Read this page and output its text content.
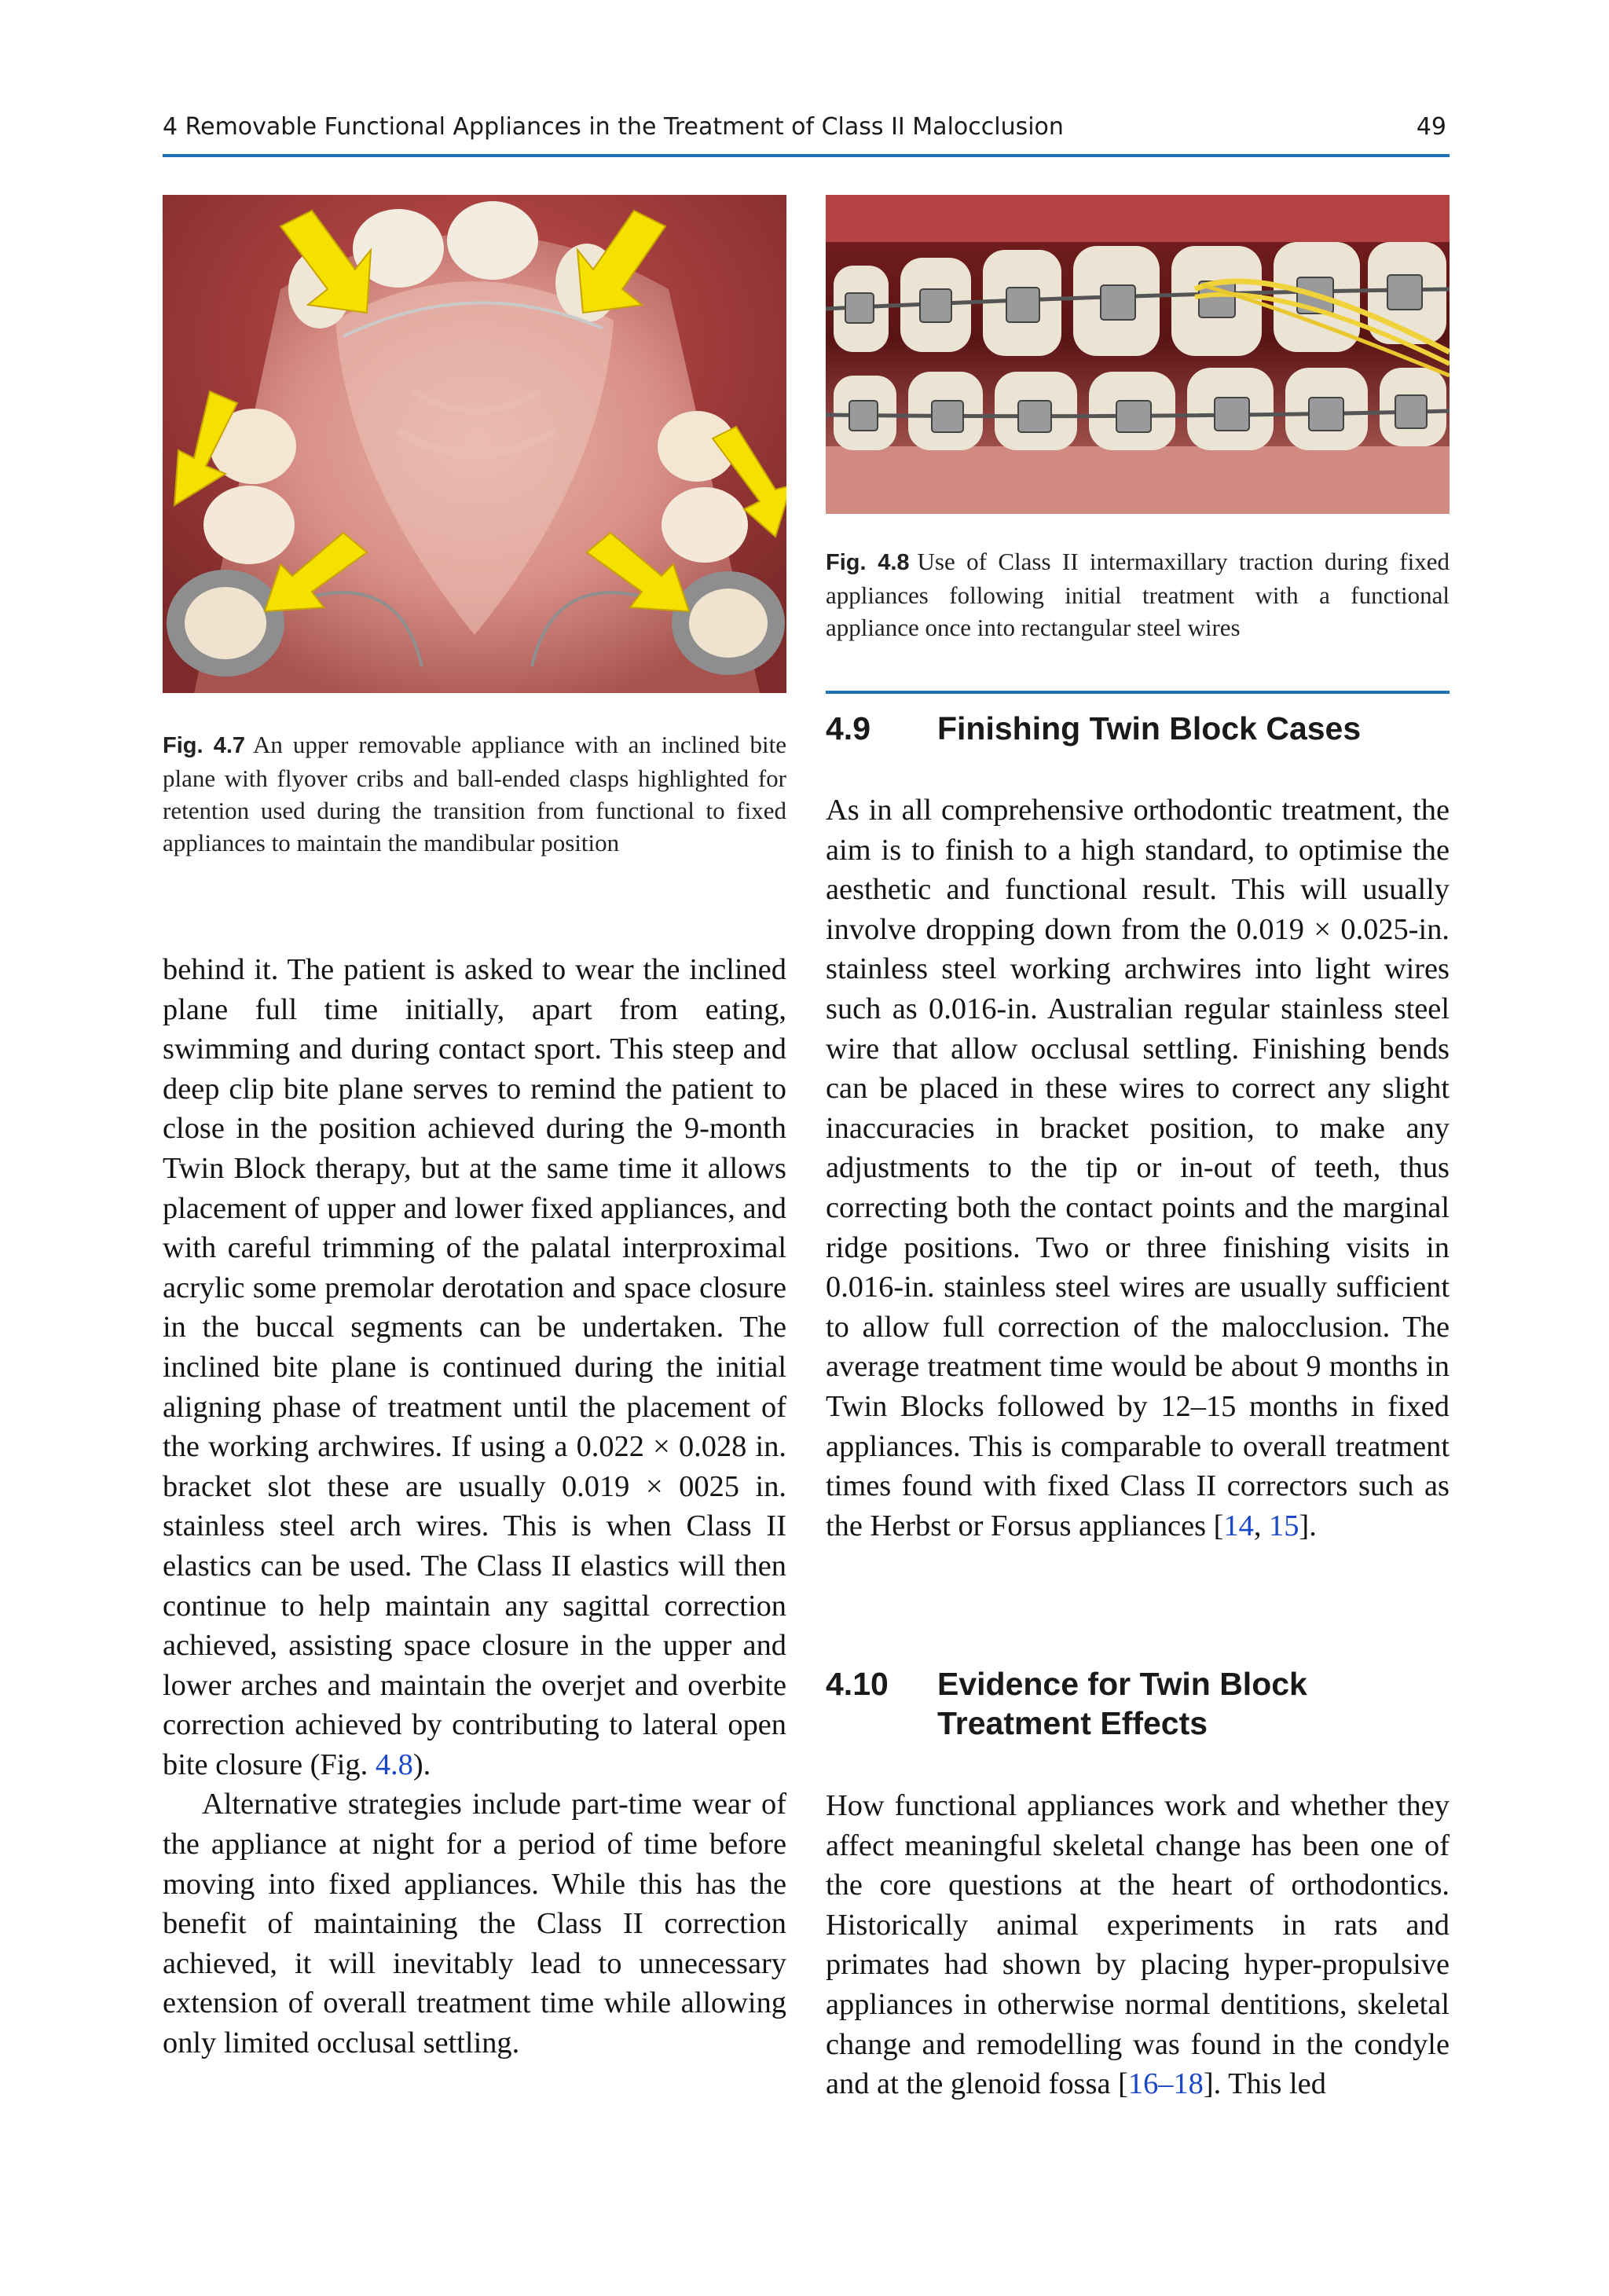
4 Removable Functional Appliances in the Treatment of Class II Malocclusion	49
Fig. 4.7 An upper removable appliance with an inclined bite plane with flyover cribs and ball-ended clasps highlighted for retention used during the transition from functional to fixed appliances to maintain the mandibular position
Fig. 4.8 Use of Class II intermaxillary traction during fixed appliances following initial treatment with a functional appliance once into rectangular steel wires
4.9 Finishing Twin Block Cases

As in all comprehensive orthodontic treatment, the aim is to finish to a high standard, to optimise the aesthetic and functional result. This will usually involve dropping down from the 0.019 × 0.025-in. stainless steel working archwires into light wires such as 0.016-in. Australian regular stainless steel wire that allow occlusal settling. Finishing bends can be placed in these wires to correct any slight inaccuracies in bracket position, to make any adjustments to the tip or in-out of teeth, thus correcting both the contact points and the marginal ridge positions. Two or three finishing visits in 0.016-in. stainless steel wires are usually sufficient to allow full correction of the malocclusion. The average treatment time would be about 9 months in Twin Blocks followed by 12–15 months in fixed appliances. This is comparable to overall treatment times found with fixed Class II correctors such as the Herbst or Forsus appliances [14, 15].

4.10 Evidence for Twin Block Treatment Effects

How functional appliances work and whether they affect meaningful skeletal change has been one of the core questions at the heart of orthodontics. Historically animal experiments in rats and primates had shown by placing hyper-propulsive appliances in otherwise normal dentitions, skeletal change and remodelling was found in the condyle and at the glenoid fossa [16–18]. This led

behind it. The patient is asked to wear the inclined plane full time initially, apart from eating, swimming and during contact sport. This steep and deep clip bite plane serves to remind the patient to close in the position achieved during the 9-month Twin Block therapy, but at the same time it allows placement of upper and lower fixed appliances, and with careful trimming of the palatal interproximal acrylic some premolar derotation and space closure in the buccal segments can be undertaken. The inclined bite plane is continued during the initial aligning phase of treatment until the placement of the working archwires. If using a 0.022 × 0.028 in. bracket slot these are usually 0.019 × 0025 in. stainless steel arch wires. This is when Class II elastics can be used. The Class II elastics will then continue to help maintain any sagittal correction achieved, assisting space closure in the upper and lower arches and maintain the overjet and overbite correction achieved by contributing to lateral open bite closure (Fig. 4.8).

Alternative strategies include part-time wear of the appliance at night for a period of time before moving into fixed appliances. While this has the benefit of maintaining the Class II correction achieved, it will inevitably lead to unnecessary extension of overall treatment time while allowing only limited occlusal settling.
